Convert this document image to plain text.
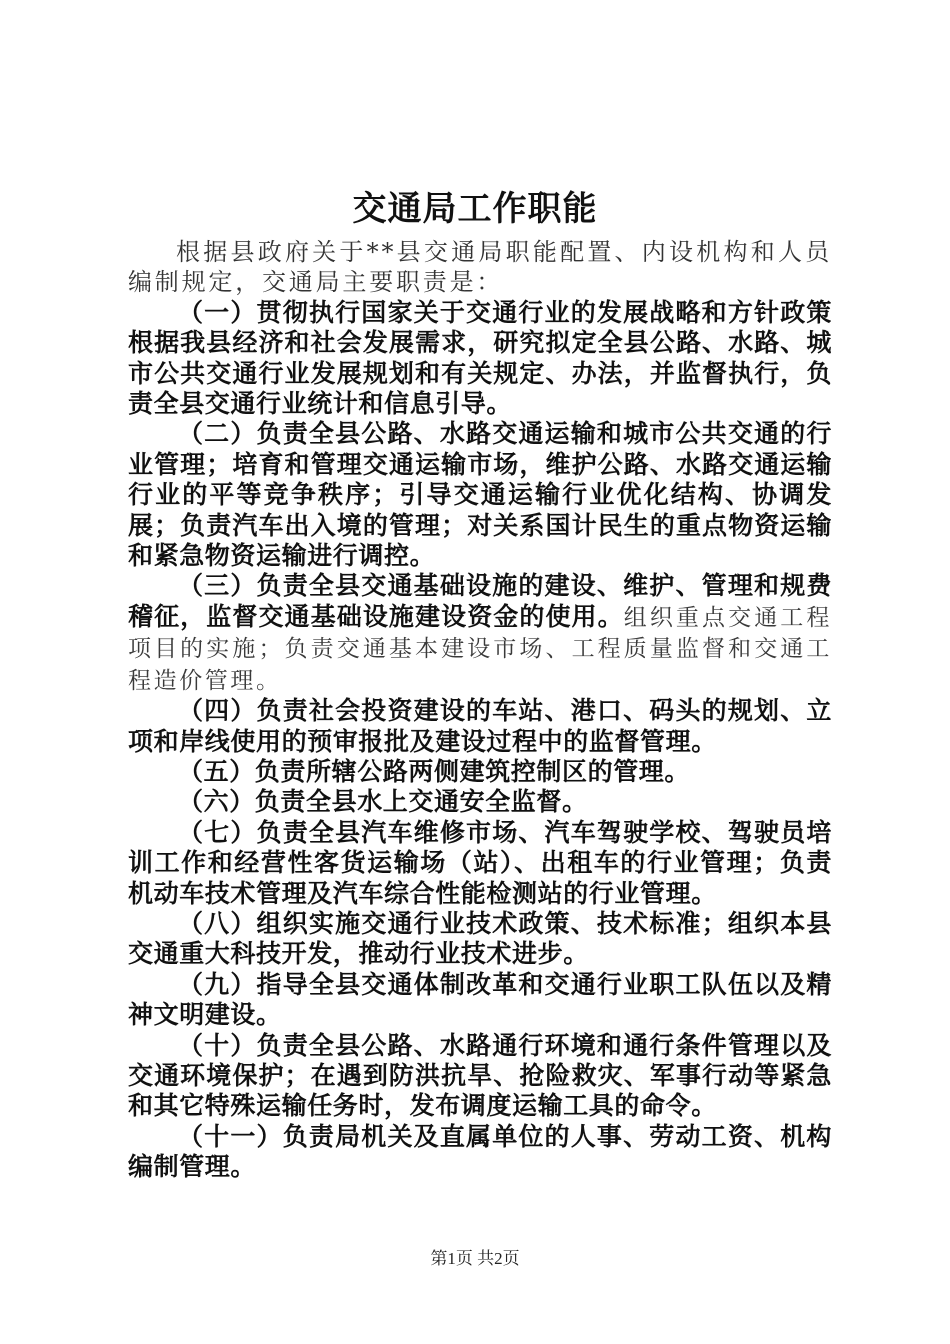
交通局工作职能

根据县政府关于**县交通局职能配置、内设机构和人员编制规定，交通局主要职责是：

（一）贯彻执行国家关于交通行业的发展战略和方针政策根据我县经济和社会发展需求，研究拟定全县公路、水路、城市公共交通行业发展规划和有关规定、办法，并监督执行，负责全县交通行业统计和信息引导。

（二）负责全县公路、水路交通运输和城市公共交通的行业管理；培育和管理交通运输市场，维护公路、水路交通运输行业的平等竞争秩序；引导交通运输行业优化结构、协调发展；负责汽车出入境的管理；对关系国计民生的重点物资运输和紧急物资运输进行调控。

（三）负责全县交通基础设施的建设、维护、管理和规费稽征，监督交通基础设施建设资金的使用。组织重点交通工程项目的实施；负责交通基本建设市场、工程质量监督和交通工程造价管理。

（四）负责社会投资建设的车站、港口、码头的规划、立项和岸线使用的预审报批及建设过程中的监督管理。

（五）负责所辖公路两侧建筑控制区的管理。

（六）负责全县水上交通安全监督。

（七）负责全县汽车维修市场、汽车驾驶学校、驾驶员培训工作和经营性客货运输场（站）、出租车的行业管理；负责机动车技术管理及汽车综合性能检测站的行业管理。

（八）组织实施交通行业技术政策、技术标准；组织本县交通重大科技开发，推动行业技术进步。

（九）指导全县交通体制改革和交通行业职工队伍以及精神文明建设。

（十）负责全县公路、水路通行环境和通行条件管理以及交通环境保护；在遇到防洪抗旱、抢险救灾、军事行动等紧急和其它特殊运输任务时，发布调度运输工具的命令。

（十一）负责局机关及直属单位的人事、劳动工资、机构编制管理。

第1页 共2页
